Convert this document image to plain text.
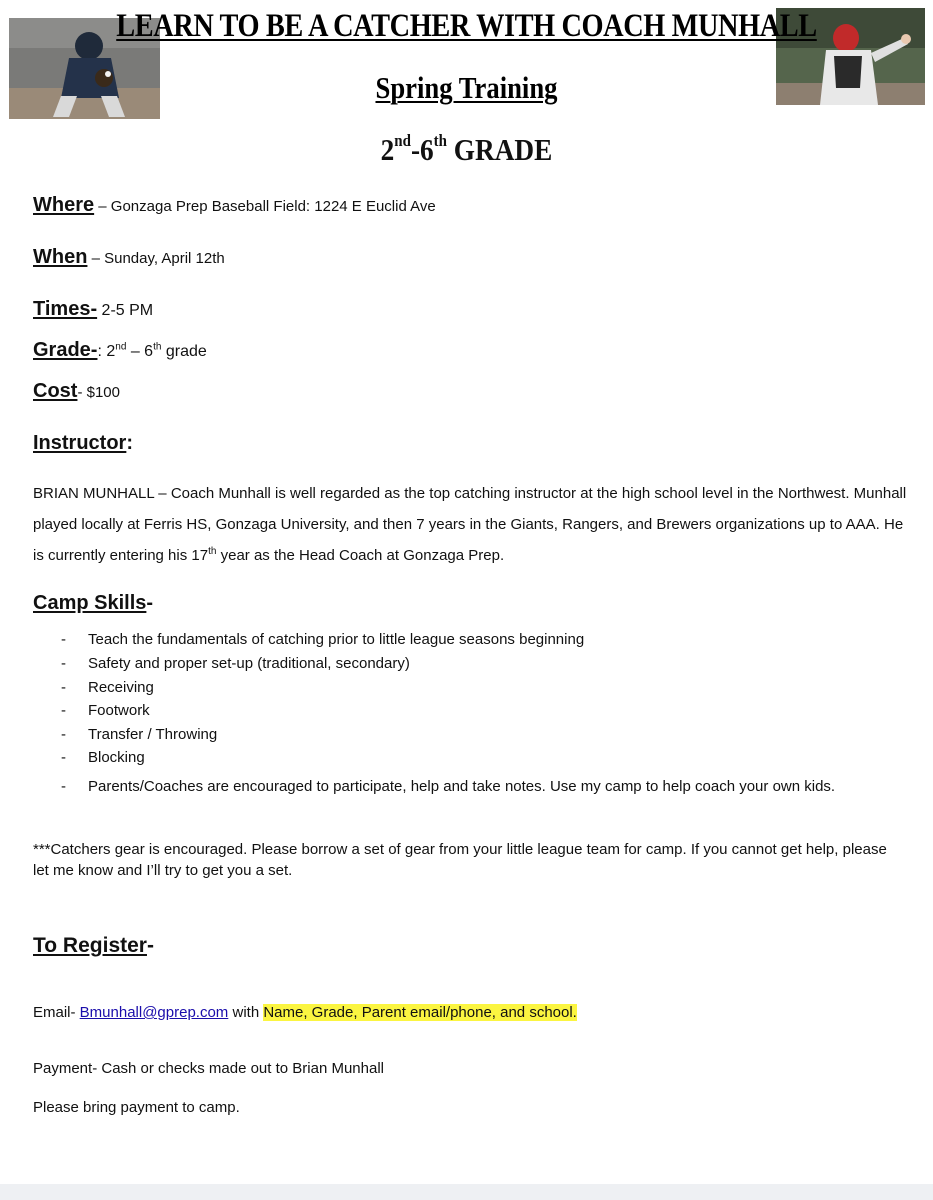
LEARN TO BE A CATCHER WITH COACH MUNHALL
Spring Training
2nd-6th GRADE
Where – Gonzaga Prep Baseball Field: 1224 E Euclid Ave
When – Sunday, April 12th
Times- 2-5 PM
Grade-: 2nd – 6th grade
Cost- $100
Instructor:
BRIAN MUNHALL – Coach Munhall is well regarded as the top catching instructor at the high school level in the Northwest. Munhall played locally at Ferris HS, Gonzaga University, and then 7 years in the Giants, Rangers, and Brewers organizations up to AAA. He is currently entering his 17th year as the Head Coach at Gonzaga Prep.
Camp Skills-
- Teach the fundamentals of catching prior to little league seasons beginning
- Safety and proper set-up (traditional, secondary)
- Receiving
- Footwork
- Transfer / Throwing
- Blocking
- Parents/Coaches are encouraged to participate, help and take notes. Use my camp to help coach your own kids.
***Catchers gear is encouraged. Please borrow a set of gear from your little league team for camp. If you cannot get help, please let me know and I’ll try to get you a set.
To Register-
Email- Bmunhall@gprep.com with Name, Grade, Parent email/phone, and school.
Payment- Cash or checks made out to Brian Munhall
Please bring payment to camp.
